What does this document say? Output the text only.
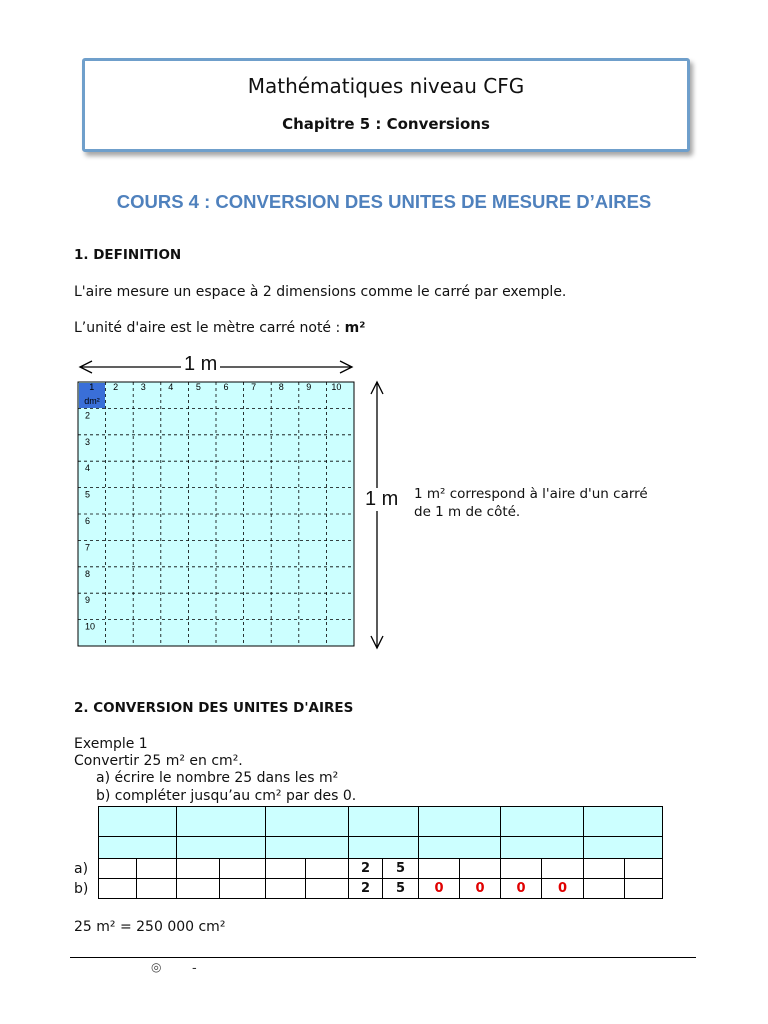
Mathématiques niveau CFG
Chapitre 5 : Conversions
COURS 4 : CONVERSION DES UNITES DE MESURE D’AIRES
1. DEFINITION
L'aire mesure un espace à 2 dimensions comme le carré par exemple.
L’unité d'aire est le mètre carré noté : m²
1 2	3	4	5	6	7	8	9 10
2
3
4
5
6
7
8
9
10
dm²
1 m
1 m 1 m² correspond à l'aire d'un carré
de 1 m de côté.
2. CONVERSION DES UNITES D'AIRES
Exemple 1
Convertir 25 m² en cm².
a) écrire le nombre 25 dans les m²
b) compléter jusqu’au cm² par des 0.

						2	5						
						2	5	0	0	0	0		
a)
b)
25 m² = 250 000 cm²
◎ -
